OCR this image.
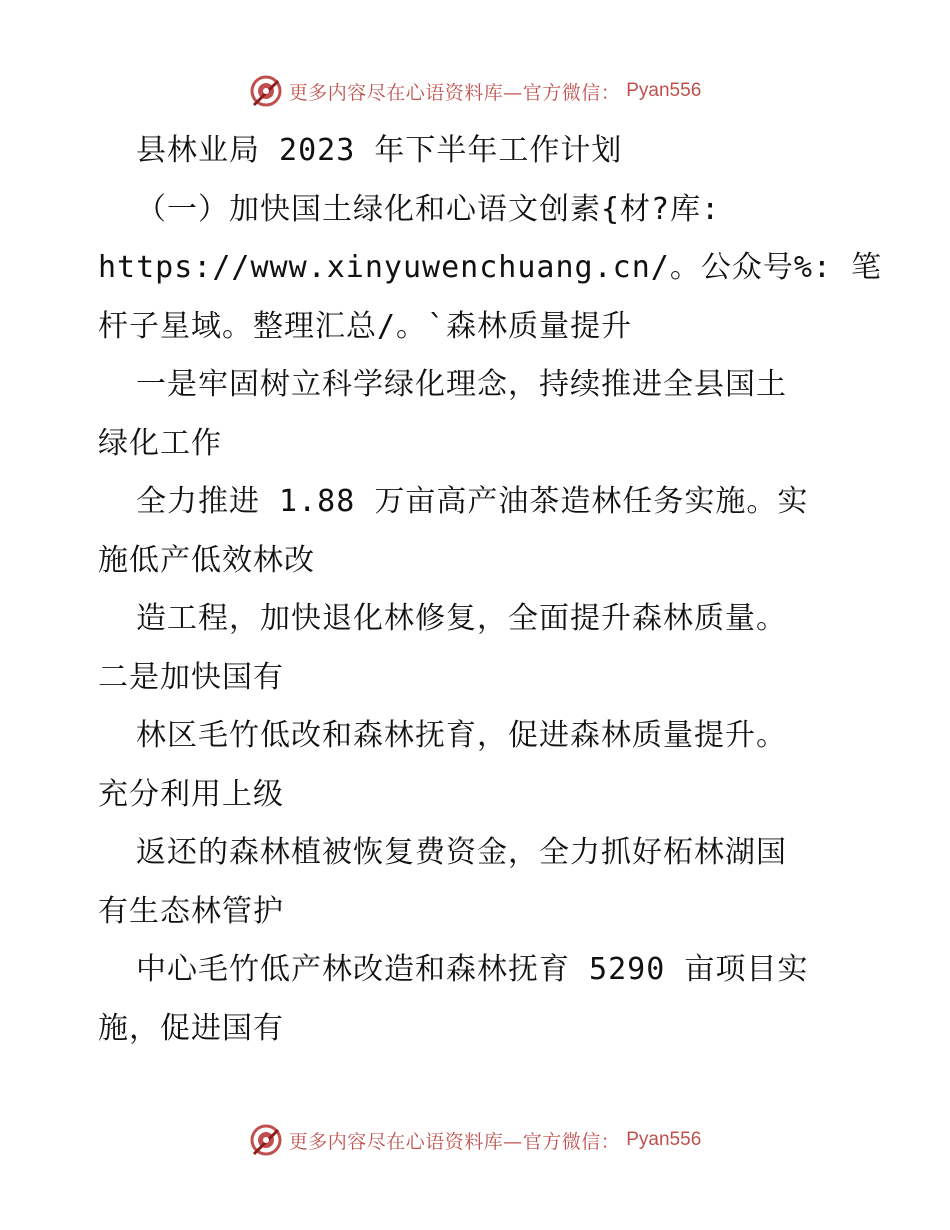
更多内容尽在心语资料库—官方微信： Pyan556
县林业局 2023 年下半年工作计划
（一）加快国土绿化和心语文创素{材?库:
https://www.xinyuwenchuang.cn/。公众号%: 笔
杆子星域。整理汇总/。`森林质量提升
一是牢固树立科学绿化理念，持续推进全县国土
绿化工作
全力推进 1.88 万亩高产油茶造林任务实施。实
施低产低效林改
造工程，加快退化林修复，全面提升森林质量。
二是加快国有
林区毛竹低改和森林抚育，促进森林质量提升。
充分利用上级
返还的森林植被恢复费资金，全力抓好柘林湖国
有生态林管护
中心毛竹低产林改造和森林抚育 5290 亩项目实
施，促进国有
更多内容尽在心语资料库—官方微信： Pyan556
